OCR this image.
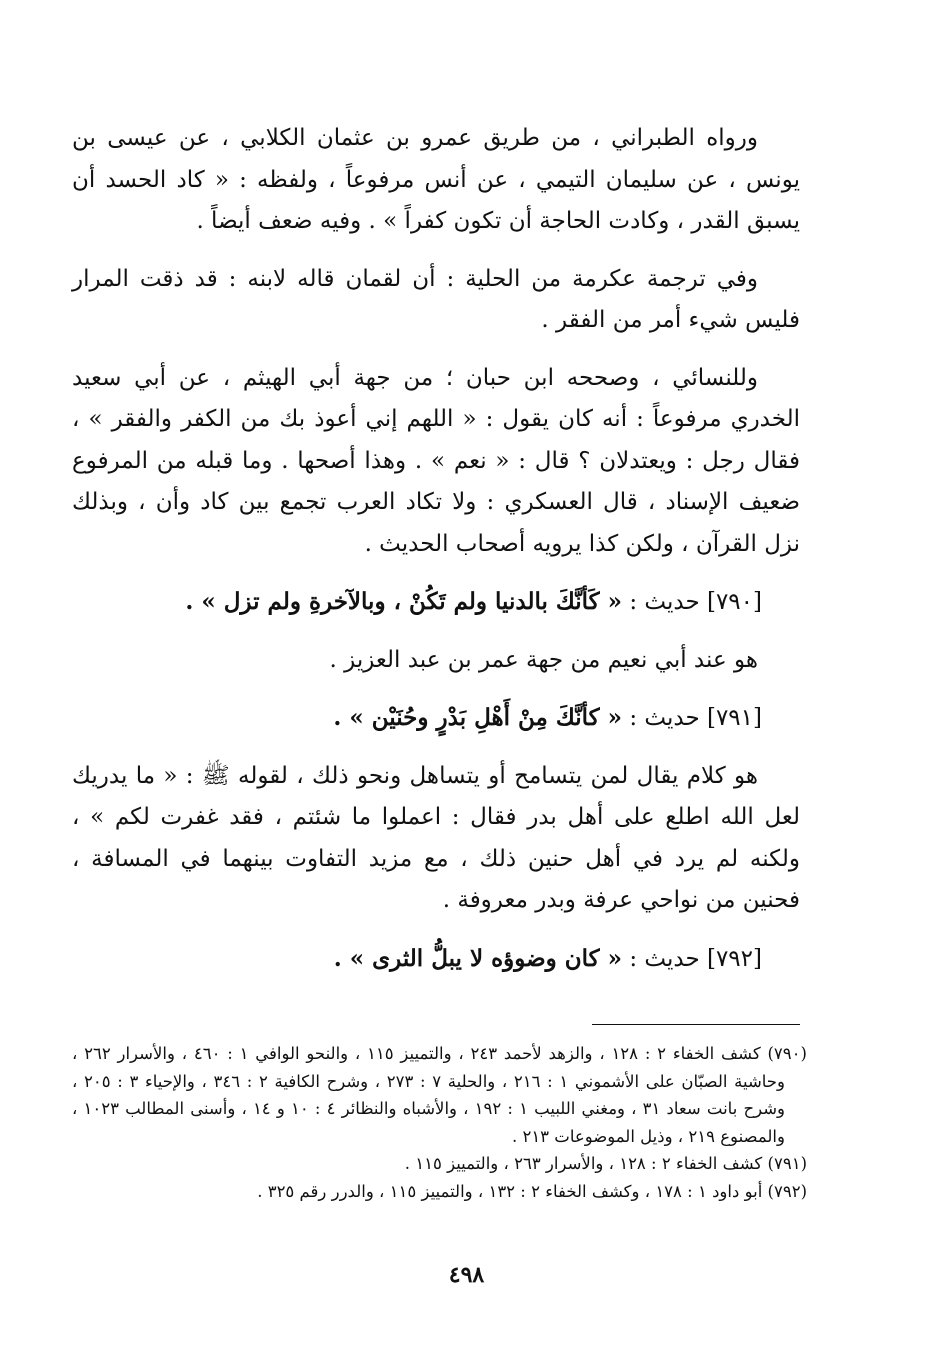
ورواه الطبراني ، من طريق عمرو بن عثمان الكلابي ، عن عيسى بن يونس ، عن سليمان التيمي ، عن أنس مرفوعاً ، ولفظه : « كاد الحسد أن يسبق القدر ، وكادت الحاجة أن تكون كفراً » . وفيه ضعف أيضاً .

وفي ترجمة عكرمة من الحلية : أن لقمان قاله لابنه : قد ذقت المرار فليس شيء أمر من الفقر .

وللنسائي ، وصححه ابن حبان ؛ من جهة أبي الهيثم ، عن أبي سعيد الخدري مرفوعاً : أنه كان يقول : « اللهم إني أعوذ بك من الكفر والفقر » ، فقال رجل : ويعتدلان ؟ قال : « نعم » . وهذا أصحها . وما قبله من المرفوع ضعيف الإسناد ، قال العسكري : ولا تكاد العرب تجمع بين كاد وأن ، وبذلك نزل القرآن ، ولكن كذا يرويه أصحاب الحديث .

[٧٩٠] حديث : « كَأنَّكَ بالدنيا ولم تَكُنْ ، وبالآخرةِ ولم تزل » .

هو عند أبي نعيم من جهة عمر بن عبد العزيز .

[٧٩١] حديث : « كأنَّكَ مِنْ أَهْلِ بَدْرٍ وحُنَيْن » .

هو كلام يقال لمن يتسامح أو يتساهل ونحو ذلك ، لقوله ﷺ : « ما يدريك لعل الله اطلع على أهل بدر فقال : اعملوا ما شئتم ، فقد غفرت لكم » ، ولكنه لم يرد في أهل حنين ذلك ، مع مزيد التفاوت بينهما في المسافة ، فحنين من نواحي عرفة وبدر معروفة .

[٧٩٢] حديث : « كان وضوؤه لا يبلُّ الثرى » .

(٧٩٠) كشف الخفاء ٢ : ١٢٨ ، والزهد لأحمد ٢٤٣ ، والتمييز ١١٥ ، والنحو الوافي ١ : ٤٦٠ ، والأسرار ٢٦٢ ، وحاشية الصبّان على الأشموني ١ : ٢١٦ ، والحلية ٧ : ٢٧٣ ، وشرح الكافية ٢ : ٣٤٦ ، والإحياء ٣ : ٢٠٥ ، وشرح بانت سعاد ٣١ ، ومغني اللبيب ١ : ١٩٢ ، والأشباه والنظائر ٤ : ١٠ و ١٤ ، وأسنى المطالب ١٠٢٣ ، والمصنوع ٢١٩ ، وذيل الموضوعات ٢١٣ .

(٧٩١) كشف الخفاء ٢ : ١٢٨ ، والأسرار ٢٦٣ ، والتمييز ١١٥ .

(٧٩٢) أبو داود ١ : ١٧٨ ، وكشف الخفاء ٢ : ١٣٢ ، والتمييز ١١٥ ، والدرر رقم ٣٢٥ .

٤٩٨
